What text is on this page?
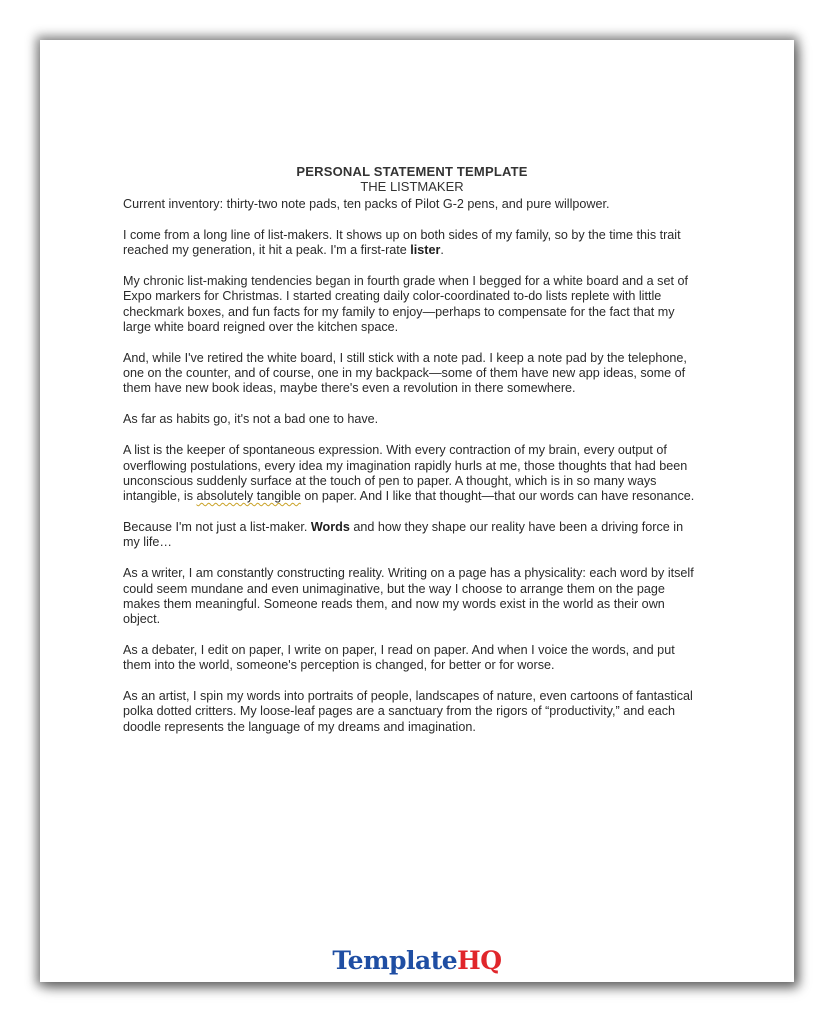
PERSONAL STATEMENT TEMPLATE
THE LISTMAKER

Current inventory: thirty-two note pads, ten packs of Pilot G-2 pens, and pure willpower.

I come from a long line of list-makers. It shows up on both sides of my family, so by the time this trait reached my generation, it hit a peak. I'm a first-rate lister.

My chronic list-making tendencies began in fourth grade when I begged for a white board and a set of Expo markers for Christmas. I started creating daily color-coordinated to-do lists replete with little checkmark boxes, and fun facts for my family to enjoy—perhaps to compensate for the fact that my large white board reigned over the kitchen space.

And, while I've retired the white board, I still stick with a note pad. I keep a note pad by the telephone, one on the counter, and of course, one in my backpack—some of them have new app ideas, some of them have new book ideas, maybe there's even a revolution in there somewhere.

As far as habits go, it's not a bad one to have.

A list is the keeper of spontaneous expression. With every contraction of my brain, every output of overflowing postulations, every idea my imagination rapidly hurls at me, those thoughts that had been unconscious suddenly surface at the touch of pen to paper. A thought, which is in so many ways intangible, is absolutely tangible on paper. And I like that thought—that our words can have resonance.

Because I'm not just a list-maker. Words and how they shape our reality have been a driving force in my life…

As a writer, I am constantly constructing reality. Writing on a page has a physicality: each word by itself could seem mundane and even unimaginative, but the way I choose to arrange them on the page makes them meaningful. Someone reads them, and now my words exist in the world as their own object.

As a debater, I edit on paper, I write on paper, I read on paper. And when I voice the words, and put them into the world, someone's perception is changed, for better or for worse.

As an artist, I spin my words into portraits of people, landscapes of nature, even cartoons of fantastical polka dotted critters. My loose-leaf pages are a sanctuary from the rigors of “productivity,” and each doodle represents the language of my dreams and imagination.

TemplateHQ
